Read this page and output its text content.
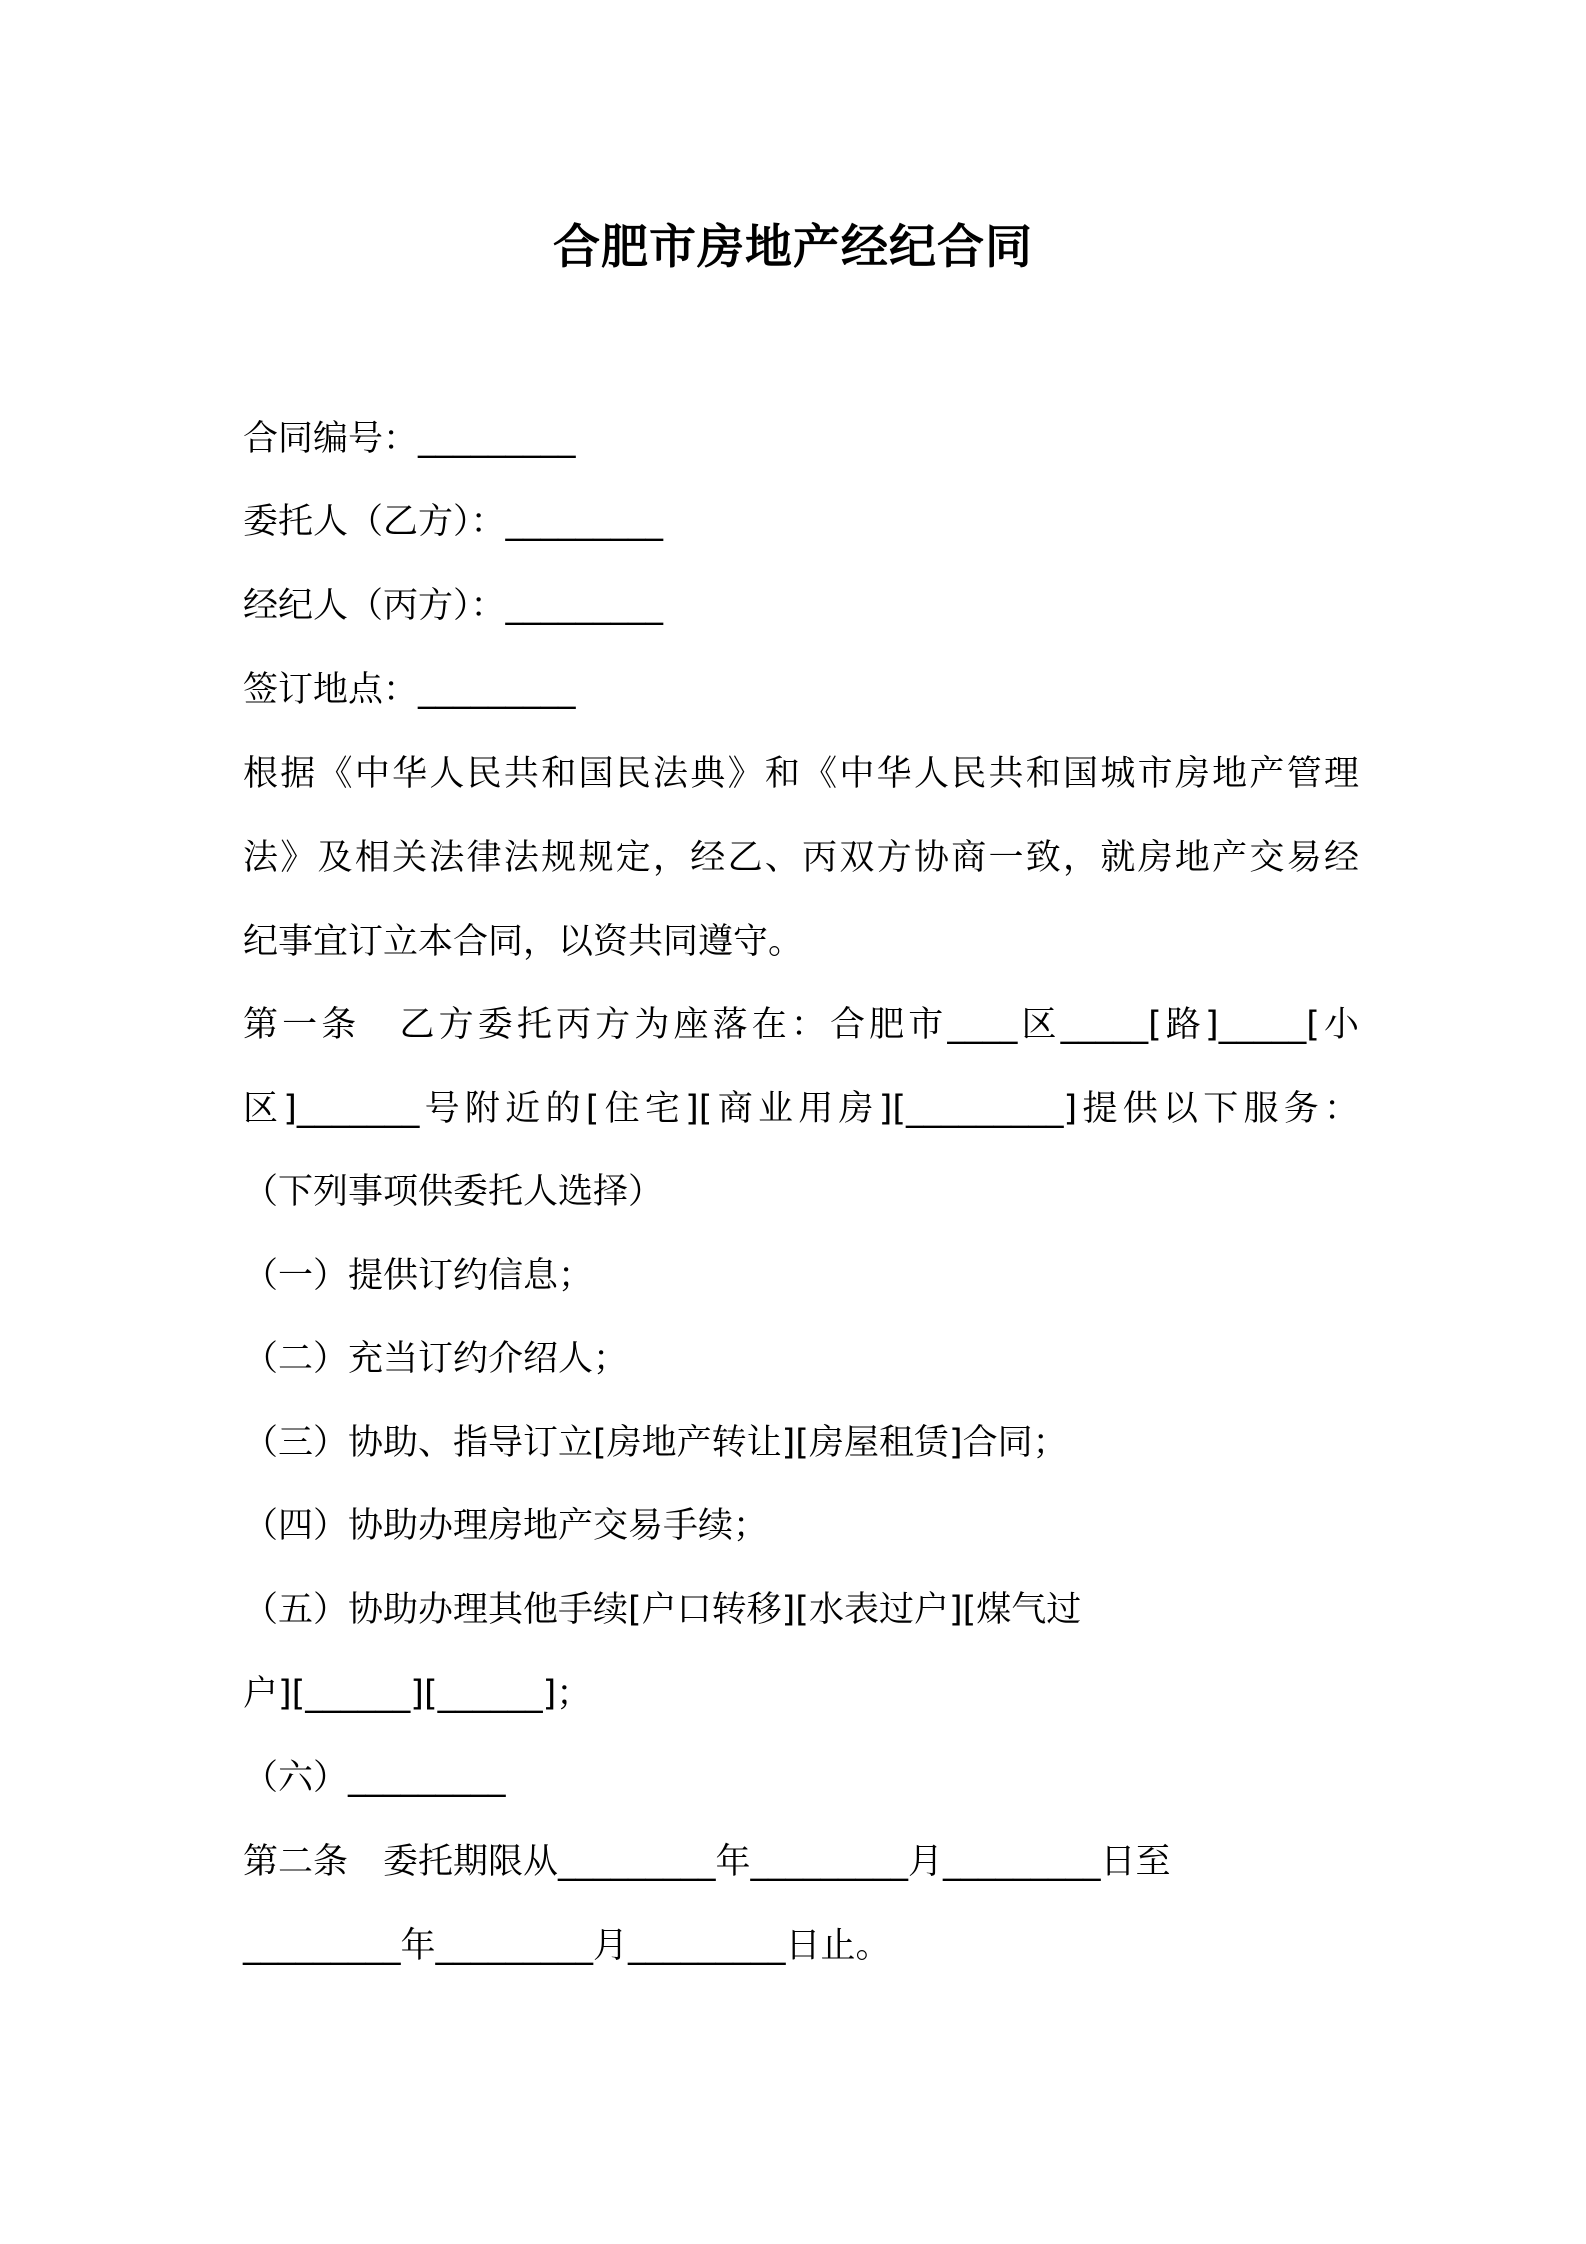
合肥市房地产经纪合同
合同编号：_________
委托人（乙方）：_________
经纪人（丙方）：_________
签订地点：_________
根据《中华人民共和国民法典》和《中华人民共和国城市房地产管理
法》及相关法律法规规定，经乙、丙双方协商一致，就房地产交易经
纪事宜订立本合同，以资共同遵守。
第一条　乙方委托丙方为座落在：合肥市____区_____[路]_____[小
区]_______号附近的[住宅][商业用房][_________]提供以下服务：
（下列事项供委托人选择）
（一）提供订约信息；
（二）充当订约介绍人；
（三）协助、指导订立[房地产转让][房屋租赁]合同；
（四）协助办理房地产交易手续；
（五）协助办理其他手续[户口转移][水表过户][煤气过
户][______][______]；
（六）_________
第二条　委托期限从_________年_________月_________日至
_________年_________月_________日止。
